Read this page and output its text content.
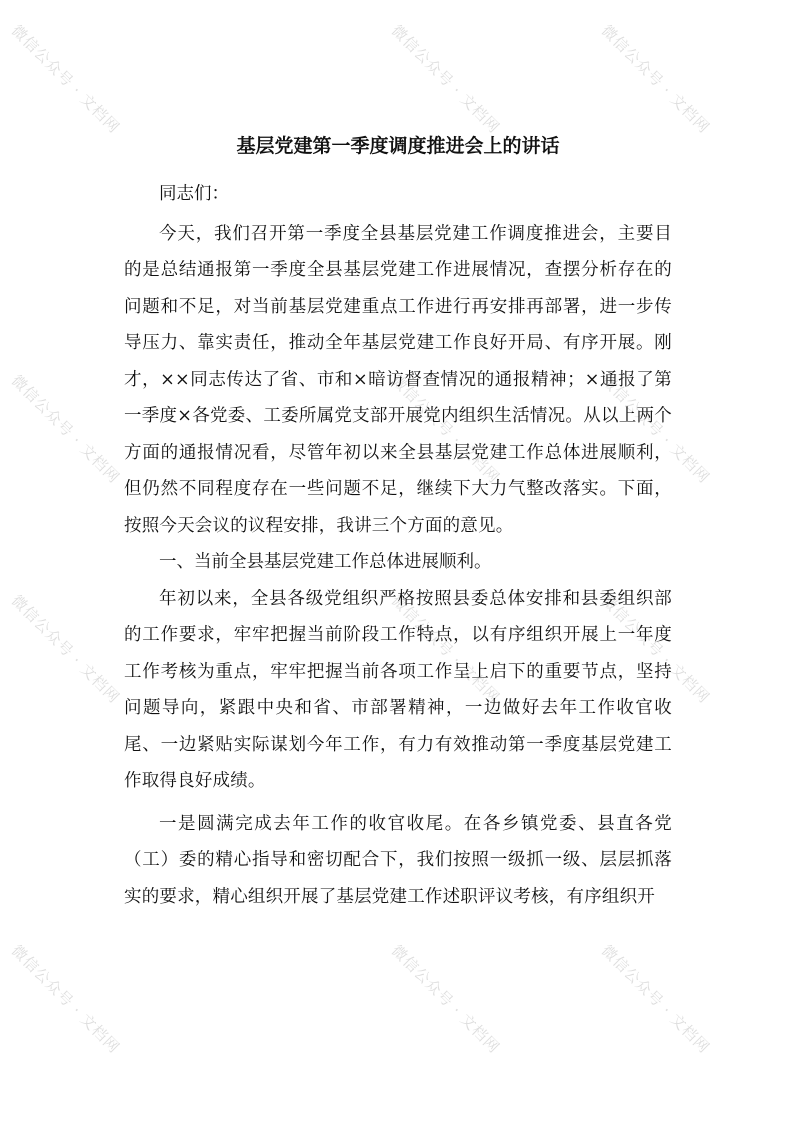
微信公众号 · 文档网	微信公众号 · 文档网	微信公众号 · 文档网
微信公众号 · 文档网	微信公众号 · 文档网	微信公众号 · 文档网
微信公众号 · 文档网	微信公众号 · 文档网	微信公众号 · 文档网
微信公众号 · 文档网	微信公众号 · 文档网	微信公众号 · 文档网
基层党建第一季度调度推进会上的讲话

同志们：

今天，我们召开第一季度全县基层党建工作调度推进会，主要目的是总结通报第一季度全县基层党建工作进展情况，查摆分析存在的问题和不足，对当前基层党建重点工作进行再安排再部署，进一步传导压力、靠实责任，推动全年基层党建工作良好开局、有序开展。刚才，××同志传达了省、市和×暗访督查情况的通报精神；×通报了第一季度×各党委、工委所属党支部开展党内组织生活情况。从以上两个方面的通报情况看，尽管年初以来全县基层党建工作总体进展顺利，但仍然不同程度存在一些问题不足，继续下大力气整改落实。下面，按照今天会议的议程安排，我讲三个方面的意见。

一、当前全县基层党建工作总体进展顺利。

年初以来，全县各级党组织严格按照县委总体安排和县委组织部的工作要求，牢牢把握当前阶段工作特点，以有序组织开展上一年度工作考核为重点，牢牢把握当前各项工作呈上启下的重要节点，坚持问题导向，紧跟中央和省、市部署精神，一边做好去年工作收官收尾、一边紧贴实际谋划今年工作，有力有效推动第一季度基层党建工作取得良好成绩。

一是圆满完成去年工作的收官收尾。在各乡镇党委、县直各党（工）委的精心指导和密切配合下，我们按照一级抓一级、层层抓落实的要求，精心组织开展了基层党建工作述职评议考核，有序组织开
